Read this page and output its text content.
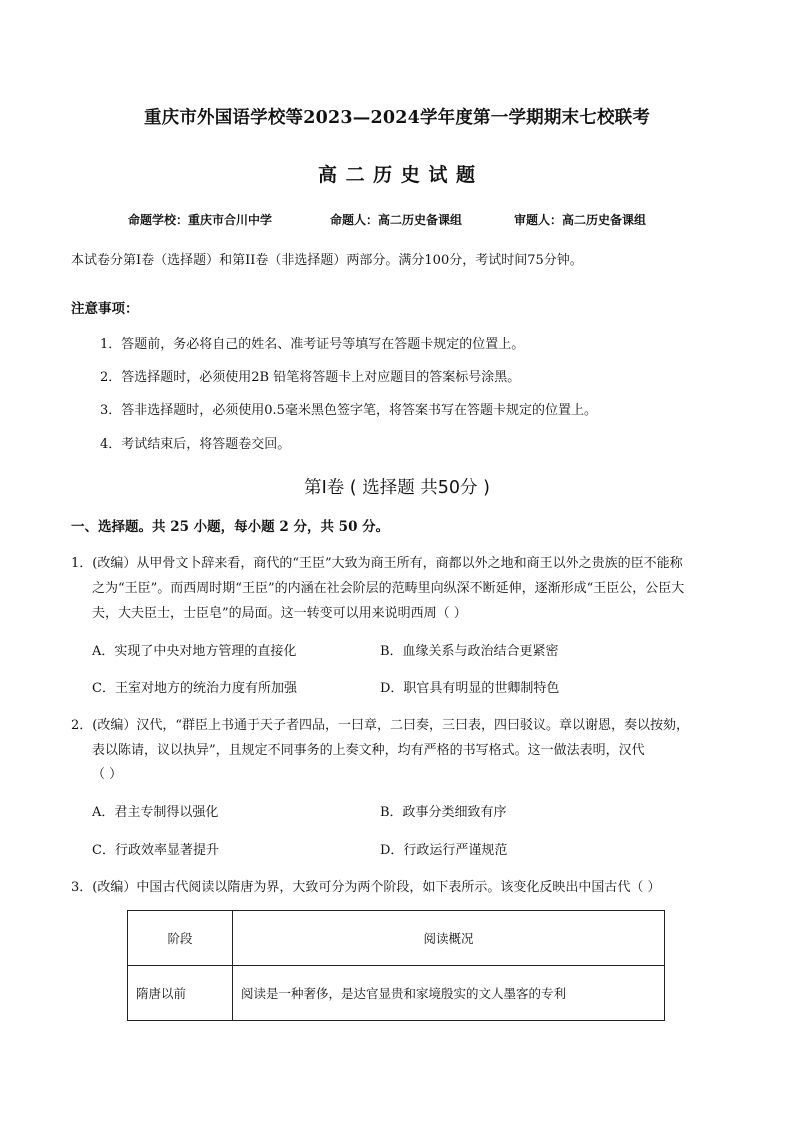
重庆市外国语学校等2023—2024学年度第一学期期末七校联考
高 二 历 史 试 题
命题学校：重庆市合川中学	命题人：高二历史备课组	审题人：高二历史备课组
本试卷分第I卷（选择题）和第II卷（非选择题）两部分。满分100分，考试时间75分钟。
注意事项：
1．答题前，务必将自己的姓名、准考证号等填写在答题卡规定的位置上。
2．答选择题时，必须使用2B 铅笔将答题卡上对应题目的答案标号涂黑。
3．答非选择题时，必须使用0.5毫米黑色签字笔，将答案书写在答题卡规定的位置上。
4．考试结束后，将答题卷交回。
第I卷 ( 选择题 共50分 )
一、选择题。共 25 小题，每小题 2 分，共 50 分。
1．(改编）从甲骨文卜辞来看，商代的“王臣”大致为商王所有，商都以外之地和商王以外之贵族的臣不能称
之为“王臣”。而西周时期“王臣”的内涵在社会阶层的范畴里向纵深不断延伸，逐渐形成“王臣公，公臣大
夫，大夫臣士，士臣皂”的局面。这一转变可以用来说明西周（ ）
A．实现了中央对地方管理的直接化	B．血缘关系与政治结合更紧密
C．王室对地方的统治力度有所加强	D．职官具有明显的世卿制特色
2．(改编）汉代，“群臣上书通于天子者四品，一曰章，二曰奏，三曰表，四曰驳议。章以谢恩，奏以按劾，
表以陈请，议以执异”，且规定不同事务的上奏文种，均有严格的书写格式。这一做法表明，汉代
（ ）
A．君主专制得以强化	B．政事分类细致有序
C．行政效率显著提升	D．行政运行严谨规范
3．(改编）中国古代阅读以隋唐为界，大致可分为两个阶段，如下表所示。该变化反映出中国古代（ ）
阶段	阅读概况
隋唐以前	阅读是一种奢侈，是达官显贵和家境殷实的文人墨客的专利
